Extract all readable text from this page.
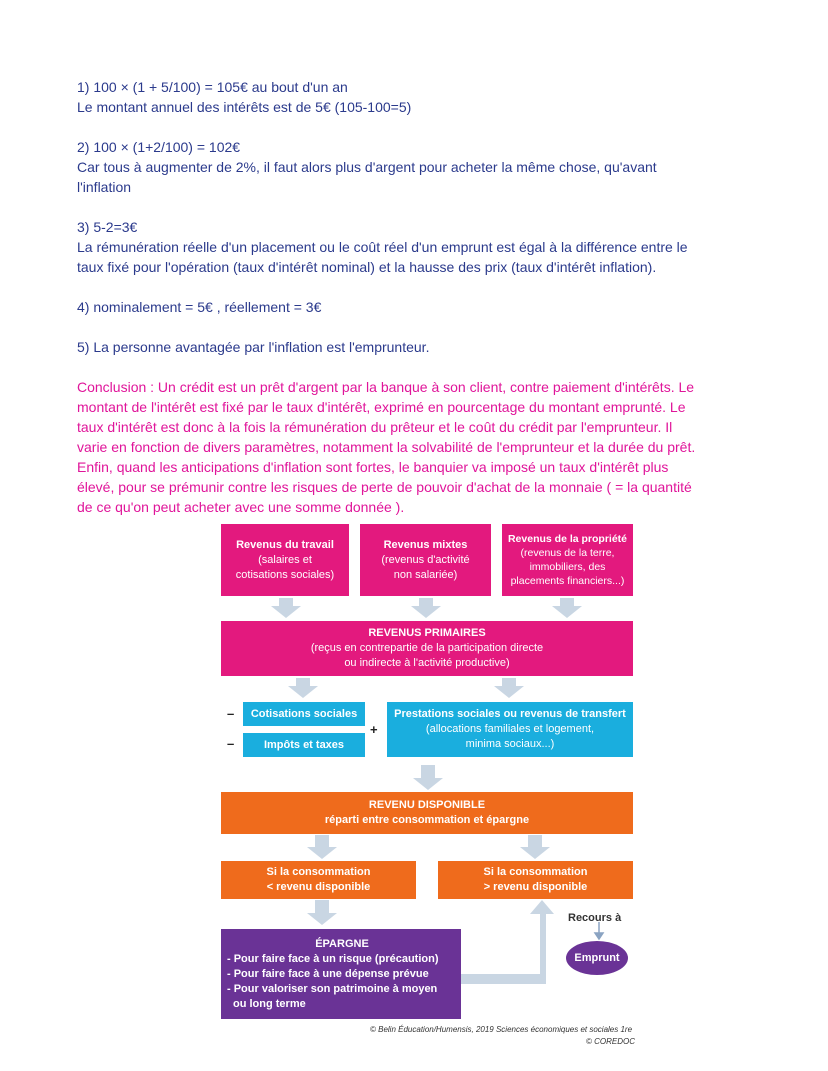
1) 100 × (1 + 5/100) = 105€ au bout d'un an
Le montant annuel des intérêts est de 5€ (105-100=5)
2) 100 × (1+2/100) = 102€
Car tous à augmenter de 2%, il faut alors plus d'argent pour acheter la même chose, qu'avant
l'inflation
3) 5-2=3€
La rémunération réelle d'un placement ou le coût réel d'un emprunt est égal à la différence entre le
taux fixé pour l'opération (taux d'intérêt nominal) et la hausse des prix (taux d'intérêt inflation).
4) nominalement = 5€ , réellement = 3€
5) La personne avantagée par l'inflation est l'emprunteur.
Conclusion : Un crédit est un prêt d'argent par la banque à son client, contre paiement d'intérêts. Le
montant de l'intérêt est fixé par le taux d'intérêt, exprimé en pourcentage du montant emprunté. Le
taux d'intérêt est donc à la fois la rémunération du prêteur et le coût du crédit par l'emprunteur. Il
varie en fonction de divers paramètres, notamment la solvabilité de l'emprunteur et la durée du prêt.
Enfin, quand les anticipations d'inflation sont fortes, le banquier va imposé un taux d'intérêt plus
élevé, pour se prémunir contre les risques de perte de pouvoir d'achat de la monnaie ( = la quantité
de ce qu'on peut acheter avec une somme donnée ).
Revenus du travail
(salaires et
cotisations sociales)
Revenus mixtes
(revenus d'activité
non salariée)
Revenus de la propriété
(revenus de la terre,
immobiliers, des
placements financiers...)
REVENUS PRIMAIRES
(reçus en contrepartie de la participation directe
ou indirecte à l'activité productive)
–
–
+
Cotisations sociales
Impôts et taxes
Prestations sociales ou revenus de transfert
(allocations familiales et logement,
minima sociaux...)
REVENU DISPONIBLE
réparti entre consommation et épargne
Si la consommation
< revenu disponible
Si la consommation
> revenu disponible
Recours à
Emprunt
ÉPARGNE
- Pour faire face à un risque (précaution)
- Pour faire face à une dépense prévue
- Pour valoriser son patrimoine à moyen
ou long terme
© Belin Éducation/Humensis, 2019 Sciences économiques et sociales 1re
© COREDOC
